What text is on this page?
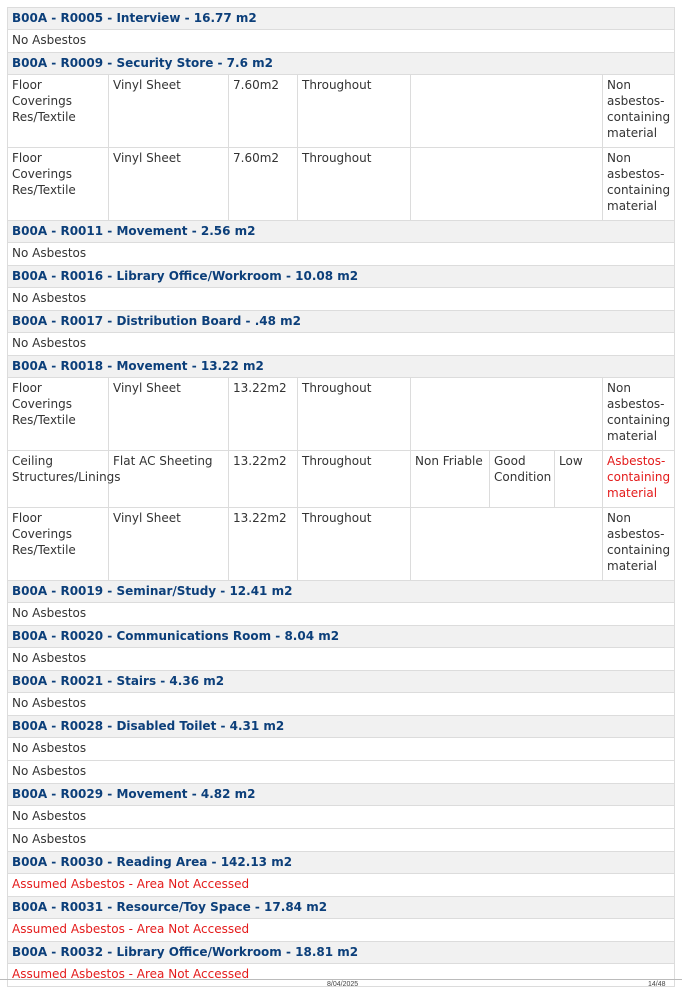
B00A - R0005 - Interview - 16.77 m2							
No Asbestos							
B00A - R0009 - Security Store - 7.6 m2							
Floor Coverings Res/Textile	Vinyl Sheet	7.60m2	Throughout				Non asbestos-containing material
Floor Coverings Res/Textile	Vinyl Sheet	7.60m2	Throughout				Non asbestos-containing material
B00A - R0011 - Movement - 2.56 m2							
No Asbestos							
B00A - R0016 - Library Office/Workroom - 10.08 m2							
No Asbestos							
B00A - R0017 - Distribution Board - .48 m2							
No Asbestos							
B00A - R0018 - Movement - 13.22 m2							
Floor Coverings Res/Textile	Vinyl Sheet	13.22m2	Throughout				Non asbestos-containing material
Ceiling Structures/Linings	Flat AC Sheeting	13.22m2	Throughout	Non Friable	Good Condition	Low	Asbestos-containing material
Floor Coverings Res/Textile	Vinyl Sheet	13.22m2	Throughout				Non asbestos-containing material
B00A - R0019 - Seminar/Study - 12.41 m2							
No Asbestos							
B00A - R0020 - Communications Room - 8.04 m2							
No Asbestos							
B00A - R0021 - Stairs - 4.36 m2							
No Asbestos							
B00A - R0028 - Disabled Toilet - 4.31 m2							
No Asbestos							
No Asbestos							
B00A - R0029 - Movement - 4.82 m2							
No Asbestos							
No Asbestos							
B00A - R0030 - Reading Area - 142.13 m2							
Assumed Asbestos - Area Not Accessed							
B00A - R0031 - Resource/Toy Space - 17.84 m2							
Assumed Asbestos - Area Not Accessed							
B00A - R0032 - Library Office/Workroom - 18.81 m2							
Assumed Asbestos - Area Not Accessed							
8/04/2025	14/48
